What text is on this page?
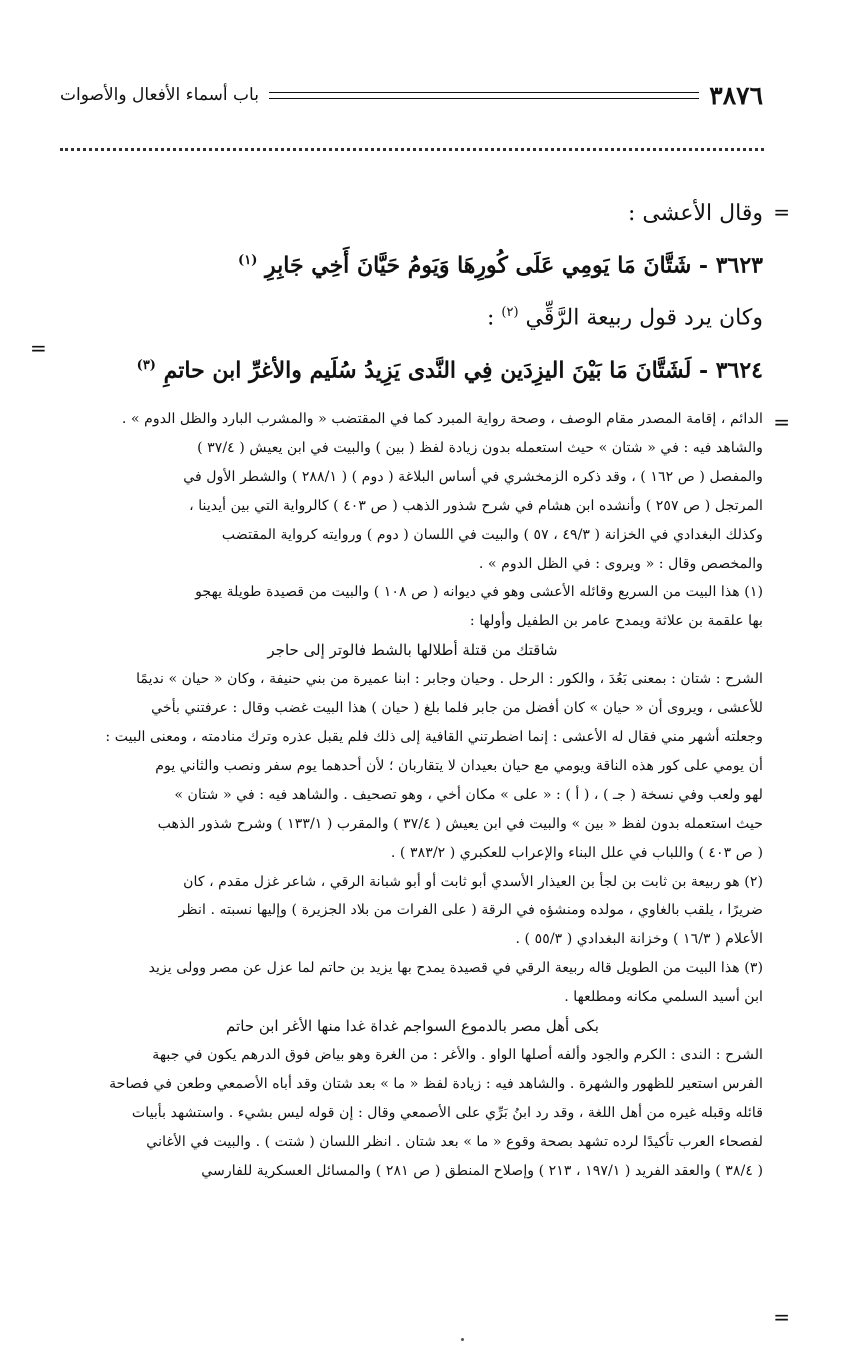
٣٨٧٦
باب أسماء الأفعال والأصوات
=
=
وقال الأعشى :
٣٦٢٣ - شَتَّانَ مَا يَومِي عَلَى كُورِهَا وَيَومُ حَيَّانَ أَخِي جَابِرِ $^{(١)}$
وكان يرد قول ربيعة الرَّقِّي $^{(٢)}$ :
٣٦٢٤ - لَشَتَّانَ مَا بَيْنَ اليزِدَين فِي النَّدى يَزِيدُ سُلَيم والأغرِّ ابن حاتمِ $^{(٣)}$
=
=
الدائم ، إقامة المصدر مقام الوصف ، وصحة رواية المبرد كما في المقتضب « والمشرب البارد والظل الدوم » .
والشاهد فيه : في « شتان » حيث استعمله بدون زيادة لفظ ( بين ) والبيت في ابن يعيش ( ٣٧/٤ )
والمفصل ( ص ١٦٢ ) ، وقد ذكره الزمخشري في أساس البلاغة ( دوم ) ( ٢٨٨/١ ) والشطر الأول في
المرتجل ( ص ٢٥٧ ) وأنشده ابن هشام في شرح شذور الذهب ( ص ٤٠٣ ) كالرواية التي بين أيدينا ،
وكذلك البغدادي في الخزانة ( ٤٩/٣ ، ٥٧ ) والبيت في اللسان ( دوم ) وروايته كرواية المقتضب
والمخصص وقال : « ويروى : في الظل الدوم » .
(١) هذا البيت من السريع وقائله الأعشى وهو في ديوانه ( ص ١٠٨ ) والبيت من قصيدة طويلة يهجو
بها علقمة بن علاثة ويمدح عامر بن الطفيل وأولها :
شاقتك من قتلة أطلالها بالشط فالوتر إلى حاجر
الشرح : شتان : بمعنى بَعُدَ ، والكور : الرحل . وحيان وجابر : ابنا عميرة من بني حنيفة ، وكان « حيان » نديمًا
للأعشى ، ويروى أن « حيان » كان أفضل من جابر فلما بلغ ( حيان ) هذا البيت غضب وقال : عرفتني بأخي
وجعلته أشهر مني فقال له الأعشى : إنما اضطرتني القافية إلى ذلك فلم يقبل عذره وترك منادمته ، ومعنى البيت :
أن يومي على كور هذه الناقة ويومي مع حيان بعيدان لا يتقاربان ؛ لأن أحدهما يوم سفر ونصب والثاني يوم
لهو ولعب وفي نسخة ( جـ ) ، ( أ ) : « على » مكان أخي ، وهو تصحيف . والشاهد فيه : في « شتان »
حيث استعمله بدون لفظ « بين » والبيت في ابن يعيش ( ٣٧/٤ ) والمقرب ( ١٣٣/١ ) وشرح شذور الذهب
( ص ٤٠٣ ) واللباب في علل البناء والإعراب للعكبري ( ٣٨٣/٢ ) .
(٢) هو ربيعة بن ثابت بن لجأ بن العيذار الأسدي أبو ثابت أو أبو شبانة الرقي ، شاعر غزل مقدم ، كان
ضريرًا ، يلقب بالغاوي ، مولده ومنشؤه في الرقة ( على الفرات من بلاد الجزيرة ) وإليها نسبته . انظر
الأعلام ( ١٦/٣ ) وخزانة البغدادي ( ٥٥/٣ ) .
(٣) هذا البيت من الطويل قاله ربيعة الرقي في قصيدة يمدح بها يزيد بن حاتم لما عزل عن مصر وولى يزيد
ابن أسيد السلمي مكانه ومطلعها .
بكى أهل مصر بالدموع السواجم غداة غدا منها الأغر ابن حاتم
الشرح : الندى : الكرم والجود وألفه أصلها الواو . والأغر : من الغرة وهو بياض فوق الدرهم يكون في جبهة
الفرس استعير للظهور والشهرة . والشاهد فيه : زيادة لفظ « ما » بعد شتان وقد أباه الأصمعي وطعن في فصاحة
قائله وقبله غيره من أهل اللغة ، وقد رد ابنُ بَرِّي على الأصمعي وقال : إن قوله ليس بشيء . واستشهد بأبيات
لفصحاء العرب تأكيدًا لرده تشهد بصحة وقوع « ما » بعد شتان . انظر اللسان ( شتت ) . والبيت في الأغاني
( ٣٨/٤ ) والعقد الفريد ( ١٩٧/١ ، ٢١٣ ) وإصلاح المنطق ( ص ٢٨١ ) والمسائل العسكرية للفارسي
